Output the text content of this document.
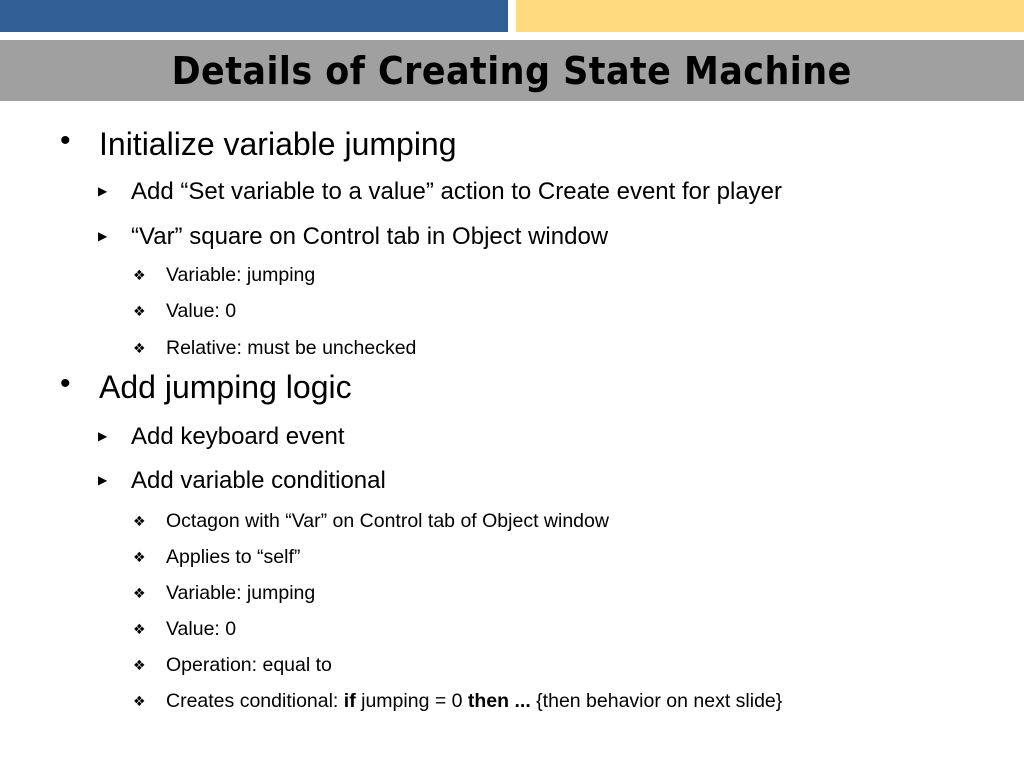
Details of Creating State Machine
• Initialize variable jumping
▶ Add “Set variable to a value” action to Create event for player
▶ “Var” square on Control tab in Object window
❖ Variable: jumping
❖ Value: 0
❖ Relative: must be unchecked
• Add jumping logic
▶ Add keyboard event
▶ Add variable conditional
❖ Octagon with “Var” on Control tab of Object window
❖ Applies to “self”
❖ Variable: jumping
❖ Value: 0
❖ Operation: equal to
❖ Creates conditional: if jumping = 0 then ... {then behavior on next slide}
